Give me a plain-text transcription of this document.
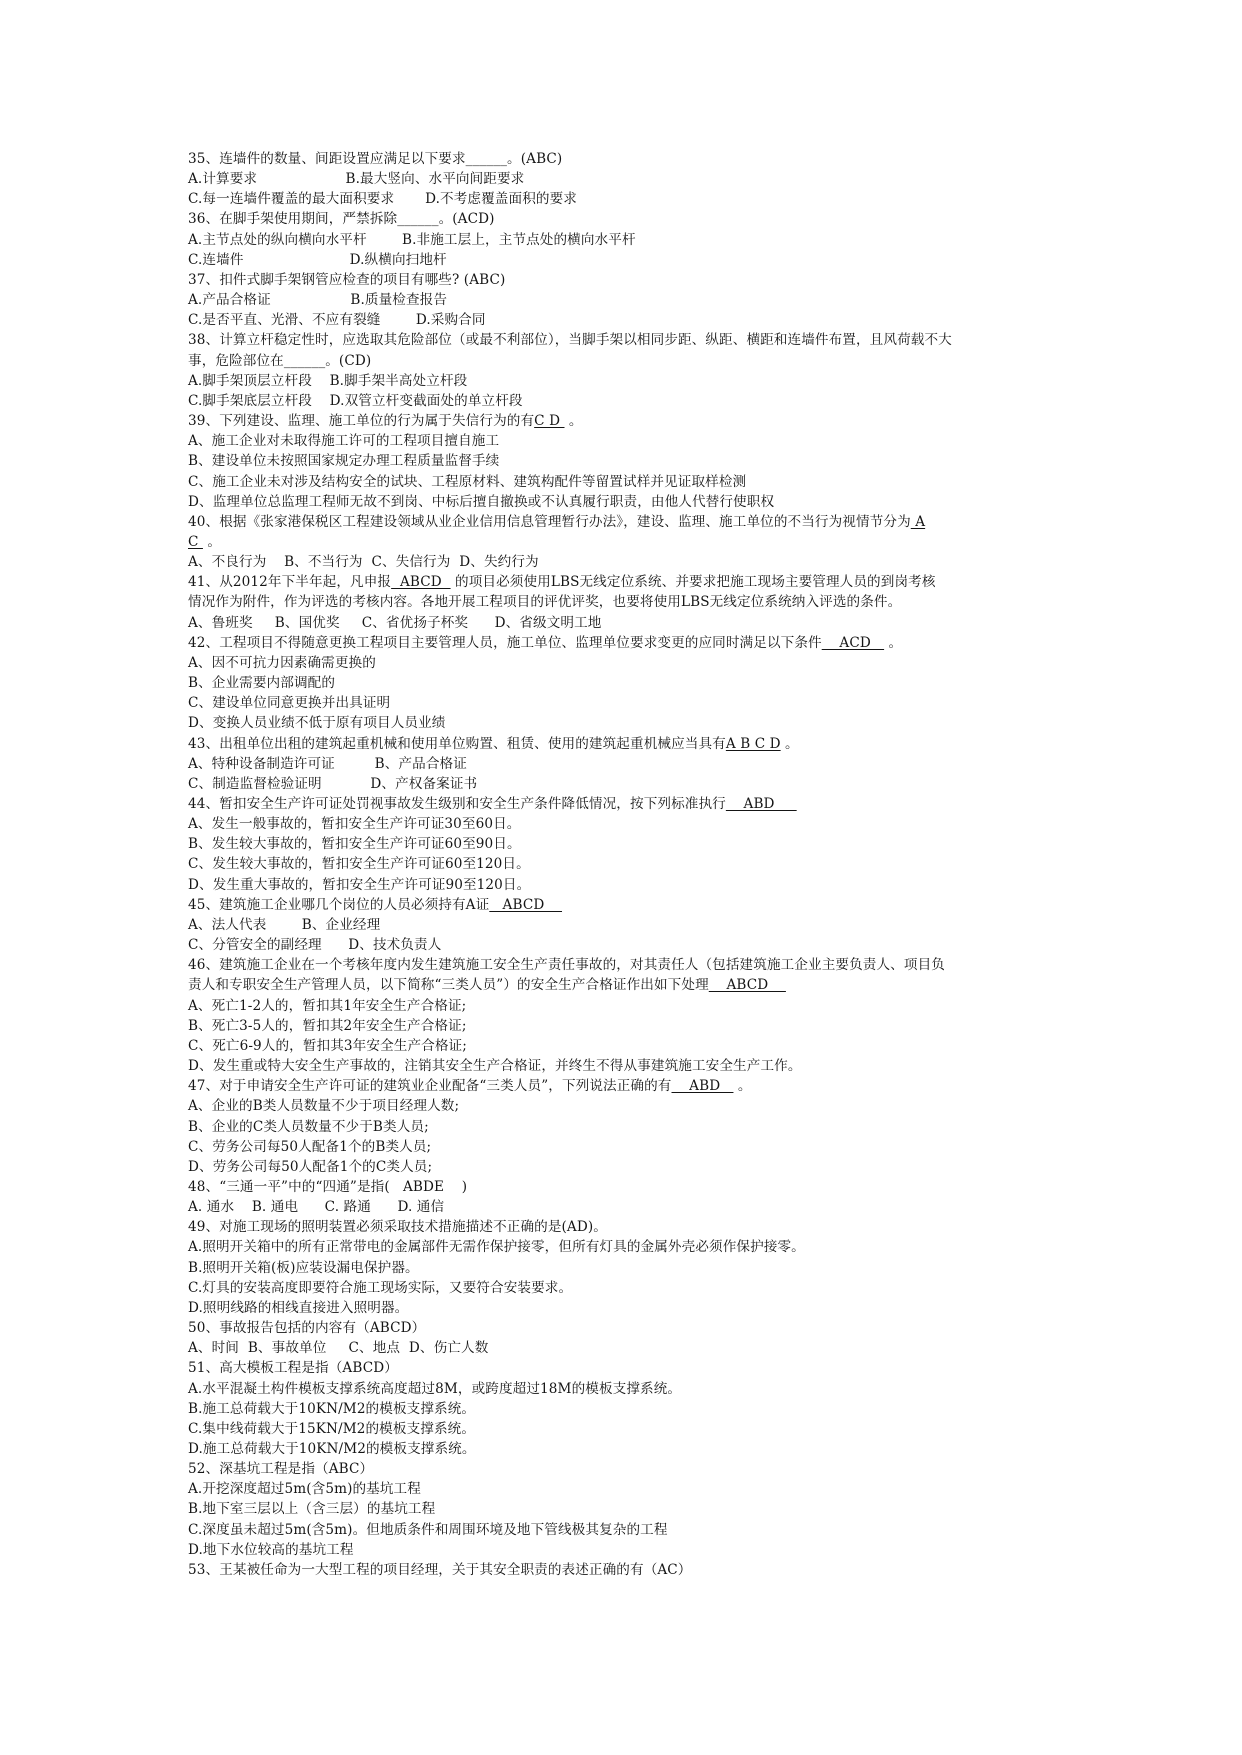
35、连墙件的数量、间距设置应满足以下要求______。(ABC)
A.计算要求                    B.最大竖向、水平向间距要求
C.每一连墙件覆盖的最大面积要求       D.不考虑覆盖面积的要求
36、在脚手架使用期间，严禁拆除______。(ACD)
A.主节点处的纵向横向水平杆        B.非施工层上，主节点处的横向水平杆
C.连墙件                        D.纵横向扫地杆
37、扣件式脚手架钢管应检查的项目有哪些? (ABC)
A.产品合格证                  B.质量检查报告
C.是否平直、光滑、不应有裂缝        D.采购合同
38、计算立杆稳定性时，应选取其危险部位（或最不利部位），当脚手架以相同步距、纵距、横距和连墙件布置，且风荷载不大
事，危险部位在______。(CD)
A.脚手架顶层立杆段    B.脚手架半高处立杆段
C.脚手架底层立杆段    D.双管立杆变截面处的单立杆段
39、下列建设、监理、施工单位的行为属于失信行为的有C D  。
A、施工企业对未取得施工许可的工程项目擅自施工
B、建设单位未按照国家规定办理工程质量监督手续
C、施工企业未对涉及结构安全的试块、工程原材料、建筑构配件等留置试样并见证取样检测
D、监理单位总监理工程师无故不到岗、中标后擅自撤换或不认真履行职责，由他人代替行使职权
40、根据《张家港保税区工程建设领域从业企业信用信息管理暂行办法》，建设、监理、施工单位的不当行为视情节分为 A
C  。
A、不良行为    B、不当行为  C、失信行为  D、失约行为
41、从2012年下半年起，凡申报  ABCD   的项目必须使用LBS无线定位系统、并要求把施工现场主要管理人员的到岗考核
情况作为附件，作为评选的考核内容。各地开展工程项目的评优评奖，也要将使用LBS无线定位系统纳入评选的条件。
A、鲁班奖     B、国优奖     C、省优扬子杯奖      D、省级文明工地
42、工程项目不得随意更换工程项目主要管理人员，施工单位、监理单位要求变更的应同时满足以下条件    ACD    。
A、因不可抗力因素确需更换的
B、企业需要内部调配的
C、建设单位同意更换并出具证明
D、变换人员业绩不低于原有项目人员业绩
43、出租单位出租的建筑起重机械和使用单位购置、租赁、使用的建筑起重机械应当具有A B C D 。
A、特种设备制造许可证         B、产品合格证
C、制造监督检验证明           D、产权备案证书
44、暂扣安全生产许可证处罚视事故发生级别和安全生产条件降低情况，按下列标准执行    ABD
A、发生一般事故的，暂扣安全生产许可证30至60日。
B、发生较大事故的，暂扣安全生产许可证60至90日。
C、发生较大事故的，暂扣安全生产许可证60至120日。
D、发生重大事故的，暂扣安全生产许可证90至120日。
45、建筑施工企业哪几个岗位的人员必须持有A证   ABCD
A、法人代表        B、企业经理
C、分管安全的副经理      D、技术负责人
46、建筑施工企业在一个考核年度内发生建筑施工安全生产责任事故的，对其责任人（包括建筑施工企业主要负责人、项目负
责人和专职安全生产管理人员，以下简称“三类人员”）的安全生产合格证作出如下处理    ABCD
A、死亡1-2人的，暂扣其1年安全生产合格证;
B、死亡3-5人的，暂扣其2年安全生产合格证;
C、死亡6-9人的，暂扣其3年安全生产合格证;
D、发生重或特大安全生产事故的，注销其安全生产合格证，并终生不得从事建筑施工安全生产工作。
47、对于申请安全生产许可证的建筑业企业配备“三类人员”，下列说法正确的有    ABD    。
A、企业的B类人员数量不少于项目经理人数;
B、企业的C类人员数量不少于B类人员;
C、劳务公司每50人配备1个的B类人员;
D、劳务公司每50人配备1个的C类人员;
48、“三通一平”中的“四通”是指(   ABDE    )
A. 通水    B. 通电      C. 路通      D. 通信
49、对施工现场的照明装置必须采取技术措施描述不正确的是(AD)。
A.照明开关箱中的所有正常带电的金属部件无需作保护接零，但所有灯具的金属外壳必须作保护接零。
B.照明开关箱(板)应装设漏电保护器。
C.灯具的安装高度即要符合施工现场实际，又要符合安装要求。
D.照明线路的相线直接进入照明器。
50、事故报告包括的内容有（ABCD）
A、时间  B、事故单位     C、地点  D、伤亡人数
51、高大模板工程是指（ABCD）
A.水平混凝土构件模板支撑系统高度超过8M，或跨度超过18M的模板支撑系统。
B.施工总荷载大于10KN/M2的模板支撑系统。
C.集中线荷载大于15KN/M2的模板支撑系统。
D.施工总荷载大于10KN/M2的模板支撑系统。
52、深基坑工程是指（ABC）
A.开挖深度超过5m(含5m)的基坑工程
B.地下室三层以上（含三层）的基坑工程
C.深度虽未超过5m(含5m)。但地质条件和周围环境及地下管线极其复杂的工程
D.地下水位较高的基坑工程
53、王某被任命为一大型工程的项目经理，关于其安全职责的表述正确的有（AC）
